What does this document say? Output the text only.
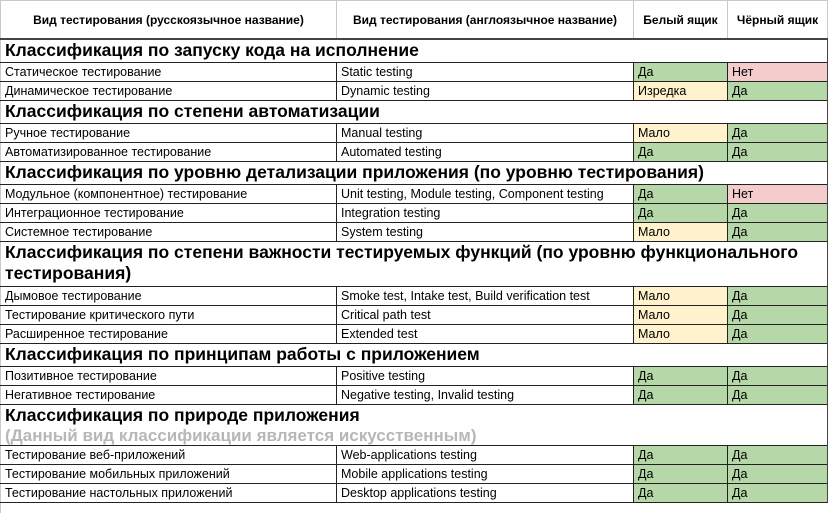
Вид тестирования (русскоязычное название)	Вид тестирования (англоязычное название)	Белый ящик	Чёрный ящик
Классификация по запуску кода на исполнение			
Статическое тестирование	Static testing	Да	Нет
Динамическое тестирование	Dynamic testing	Изредка	Да
Классификация по степени автоматизации			
Ручное тестирование	Manual testing	Мало	Да
Автоматизированное тестирование	Automated testing	Да	Да
Классификация по уровню детализации приложения (по уровню тестирования)			
Модульное (компонентное) тестирование	Unit testing, Module testing, Component testing	Да	Нет
Интеграционное тестирование	Integration testing	Да	Да
Системное тестирование	System testing	Мало	Да
Классификация по степени важности тестируемых функций (по уровню функционального тестирования)			
Дымовое тестирование	Smoke test, Intake test, Build verification test	Мало	Да
Тестирование критического пути	Critical path test	Мало	Да
Расширенное тестирование	Extended test	Мало	Да
Классификация по принципам работы с приложением			
Позитивное тестирование	Positive testing	Да	Да
Негативное тестирование	Negative testing, Invalid testing	Да	Да
Классификация по природе приложения
(Данный вид классификации является искусственным)			

Тестирование веб-приложений	Web-applications testing	Да	Да
Тестирование мобильных приложений	Mobile applications testing	Да	Да
Тестирование настольных приложений	Desktop applications testing	Да	Да
